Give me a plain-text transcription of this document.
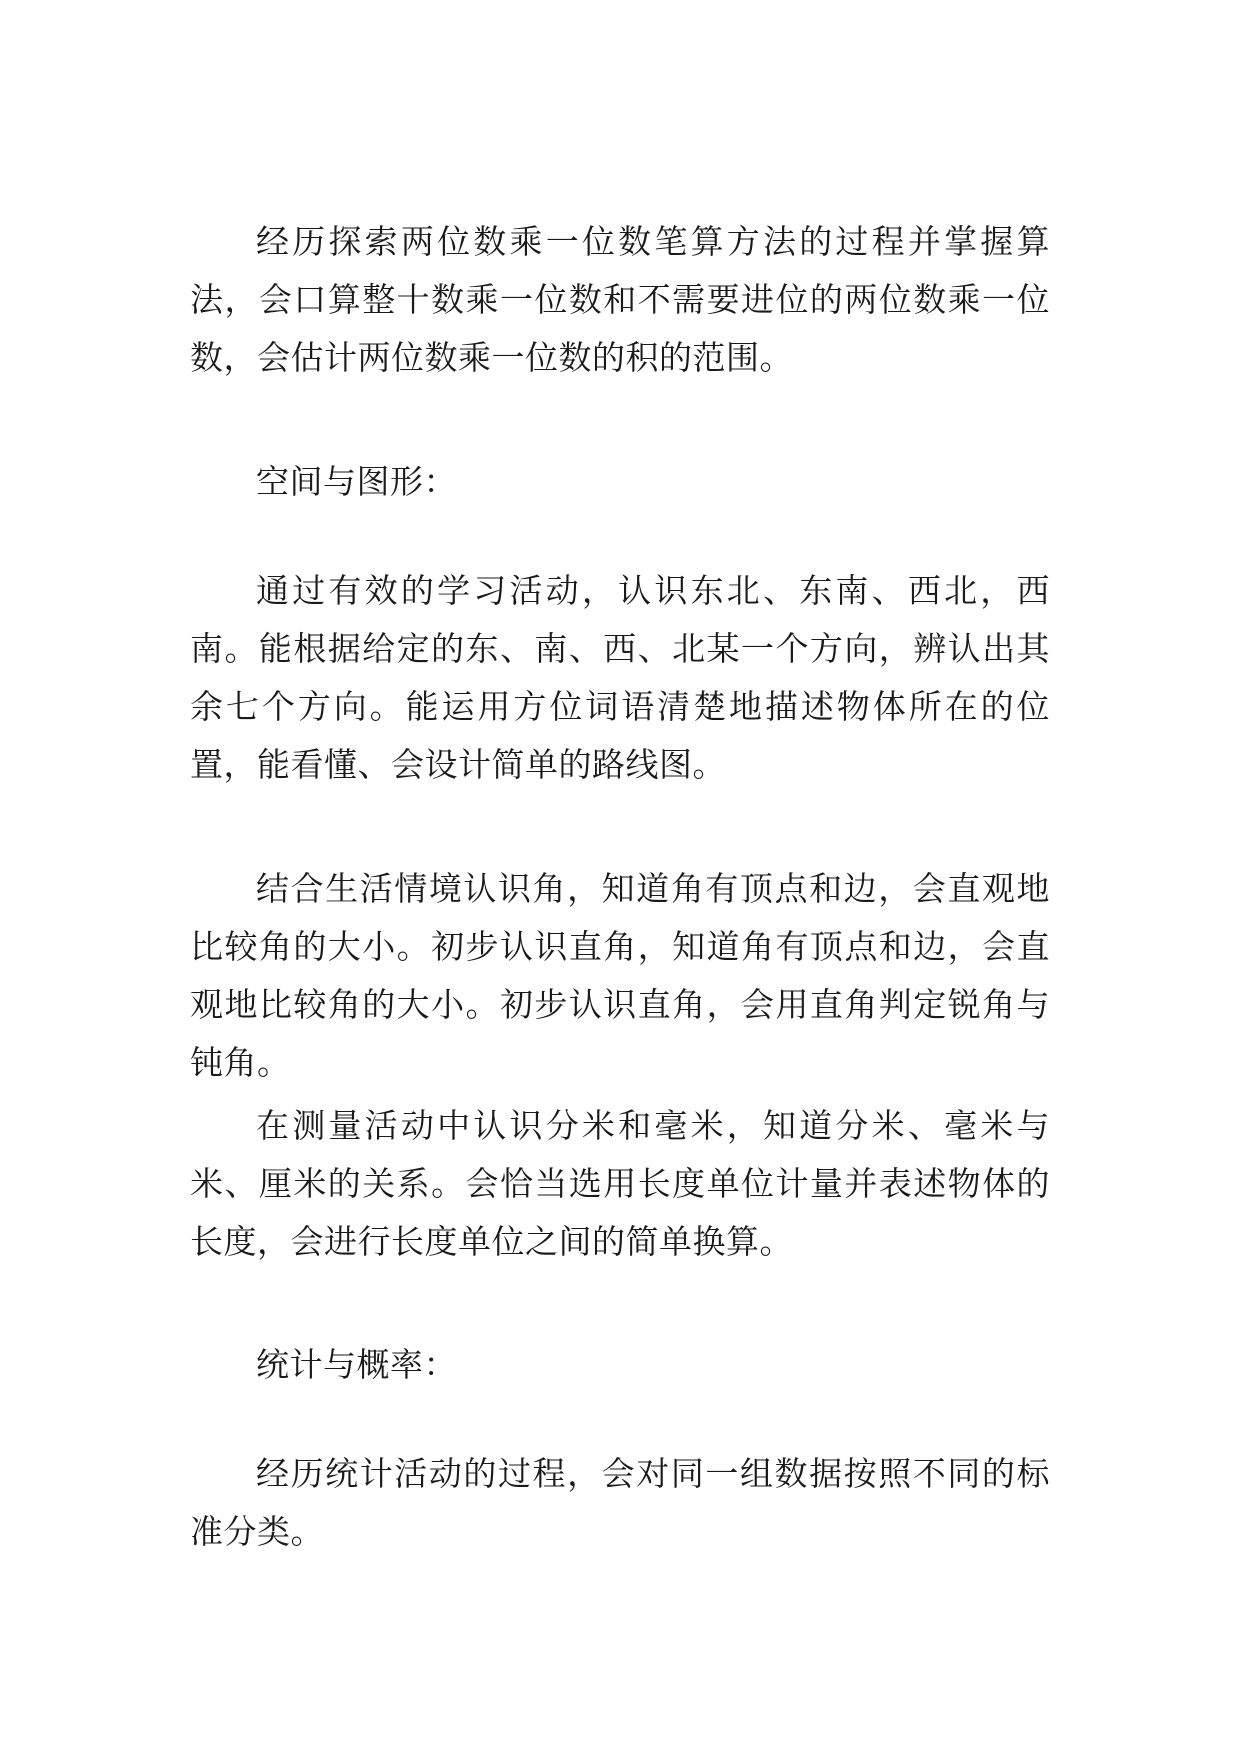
经历探索两位数乘一位数笔算方法的过程并掌握算法，会口算整十数乘一位数和不需要进位的两位数乘一位数，会估计两位数乘一位数的积的范围。

空间与图形：

通过有效的学习活动，认识东北、东南、西北，西南。能根据给定的东、南、西、北某一个方向，辨认出其余七个方向。能运用方位词语清楚地描述物体所在的位置，能看懂、会设计简单的路线图。

结合生活情境认识角，知道角有顶点和边，会直观地比较角的大小。初步认识直角，知道角有顶点和边，会直观地比较角的大小。初步认识直角，会用直角判定锐角与钝角。

在测量活动中认识分米和毫米，知道分米、毫米与米、厘米的关系。会恰当选用长度单位计量并表述物体的长度，会进行长度单位之间的简单换算。

统计与概率：

经历统计活动的过程，会对同一组数据按照不同的标准分类。
